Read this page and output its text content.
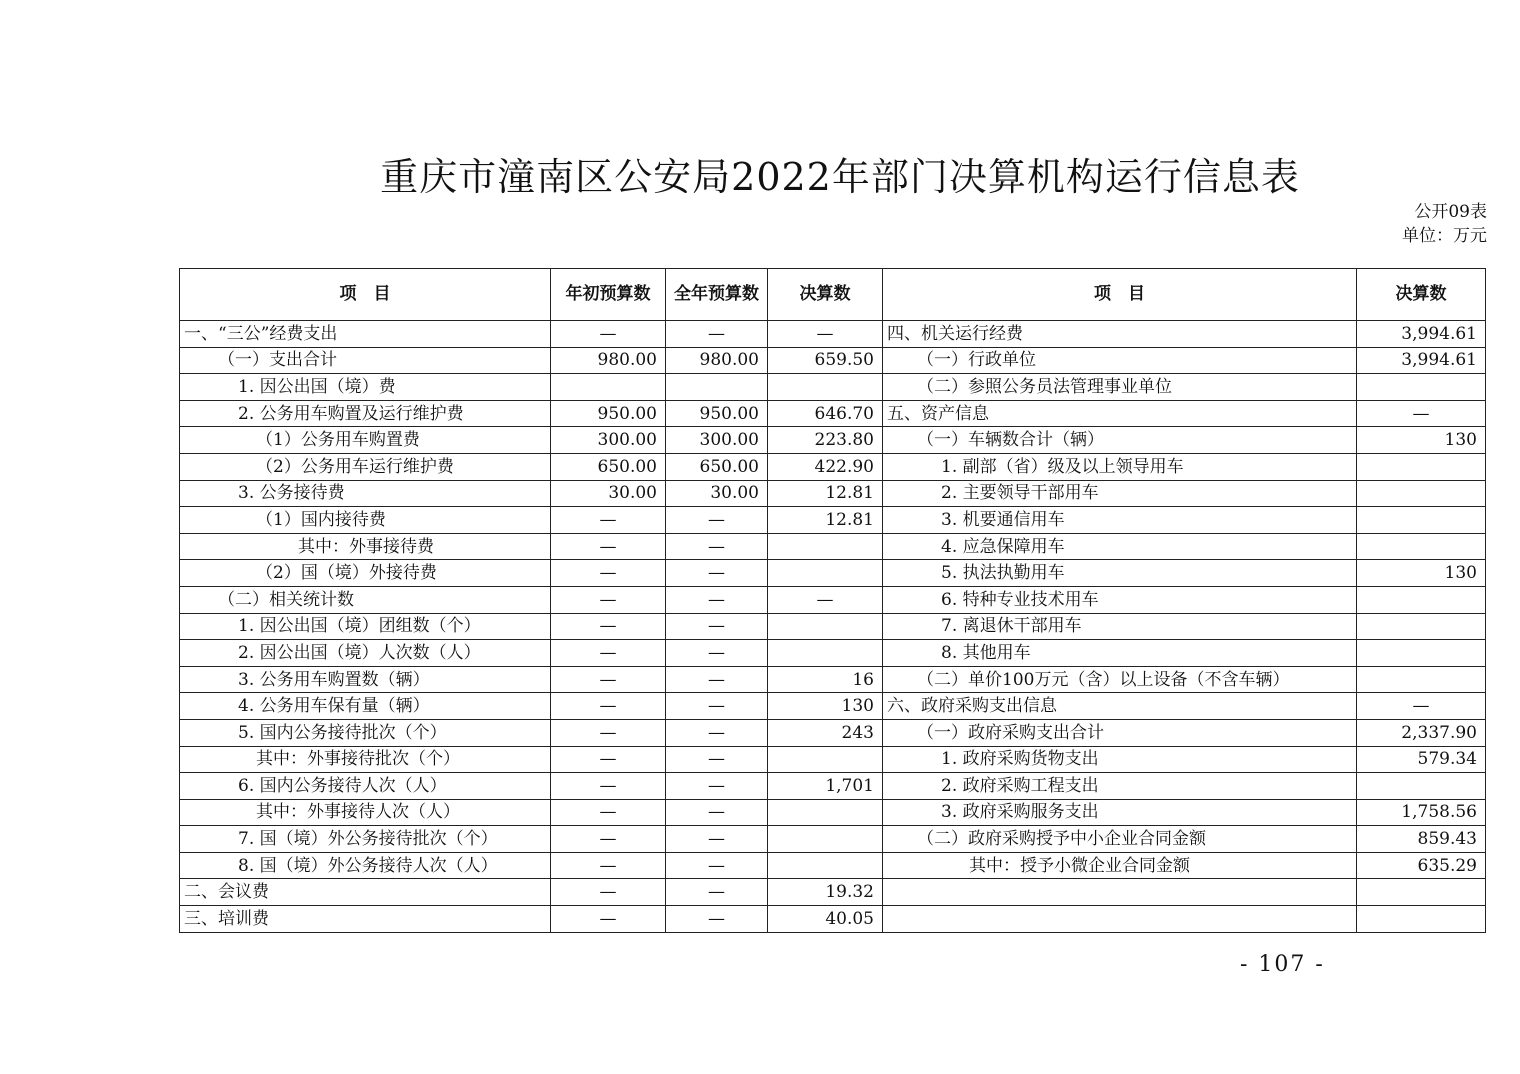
重庆市潼南区公安局2022年部门决算机构运行信息表
公开09表
单位：万元
项　目	年初预算数	全年预算数	决算数	项　目	决算数
一、“三公”经费支出	—	—	—	四、机关运行经费	3,994.61
（一）支出合计	980.00	980.00	659.50	（一）行政单位	3,994.61
1. 因公出国（境）费				（二）参照公务员法管理事业单位	
2. 公务用车购置及运行维护费	950.00	950.00	646.70	五、资产信息	—
（1）公务用车购置费	300.00	300.00	223.80	（一）车辆数合计（辆）	130
（2）公务用车运行维护费	650.00	650.00	422.90	1. 副部（省）级及以上领导用车	
3. 公务接待费	30.00	30.00	12.81	2. 主要领导干部用车	
（1）国内接待费	—	—	12.81	3. 机要通信用车	
其中：外事接待费	—	—		4. 应急保障用车	
（2）国（境）外接待费	—	—		5. 执法执勤用车	130
（二）相关统计数	—	—	—	6. 特种专业技术用车	
1. 因公出国（境）团组数（个）	—	—		7. 离退休干部用车	
2. 因公出国（境）人次数（人）	—	—		8. 其他用车	
3. 公务用车购置数（辆）	—	—	16	（二）单价100万元（含）以上设备（不含车辆）	
4. 公务用车保有量（辆）	—	—	130	六、政府采购支出信息	—
5. 国内公务接待批次（个）	—	—	243	（一）政府采购支出合计	2,337.90
其中：外事接待批次（个）	—	—		1. 政府采购货物支出	579.34
6. 国内公务接待人次（人）	—	—	1,701	2. 政府采购工程支出	
其中：外事接待人次（人）	—	—		3. 政府采购服务支出	1,758.56
7. 国（境）外公务接待批次（个）	—	—		（二）政府采购授予中小企业合同金额	859.43
8. 国（境）外公务接待人次（人）	—	—		其中：授予小微企业合同金额	635.29
二、会议费	—	—	19.32		
三、培训费	—	—	40.05		
- 107 -
